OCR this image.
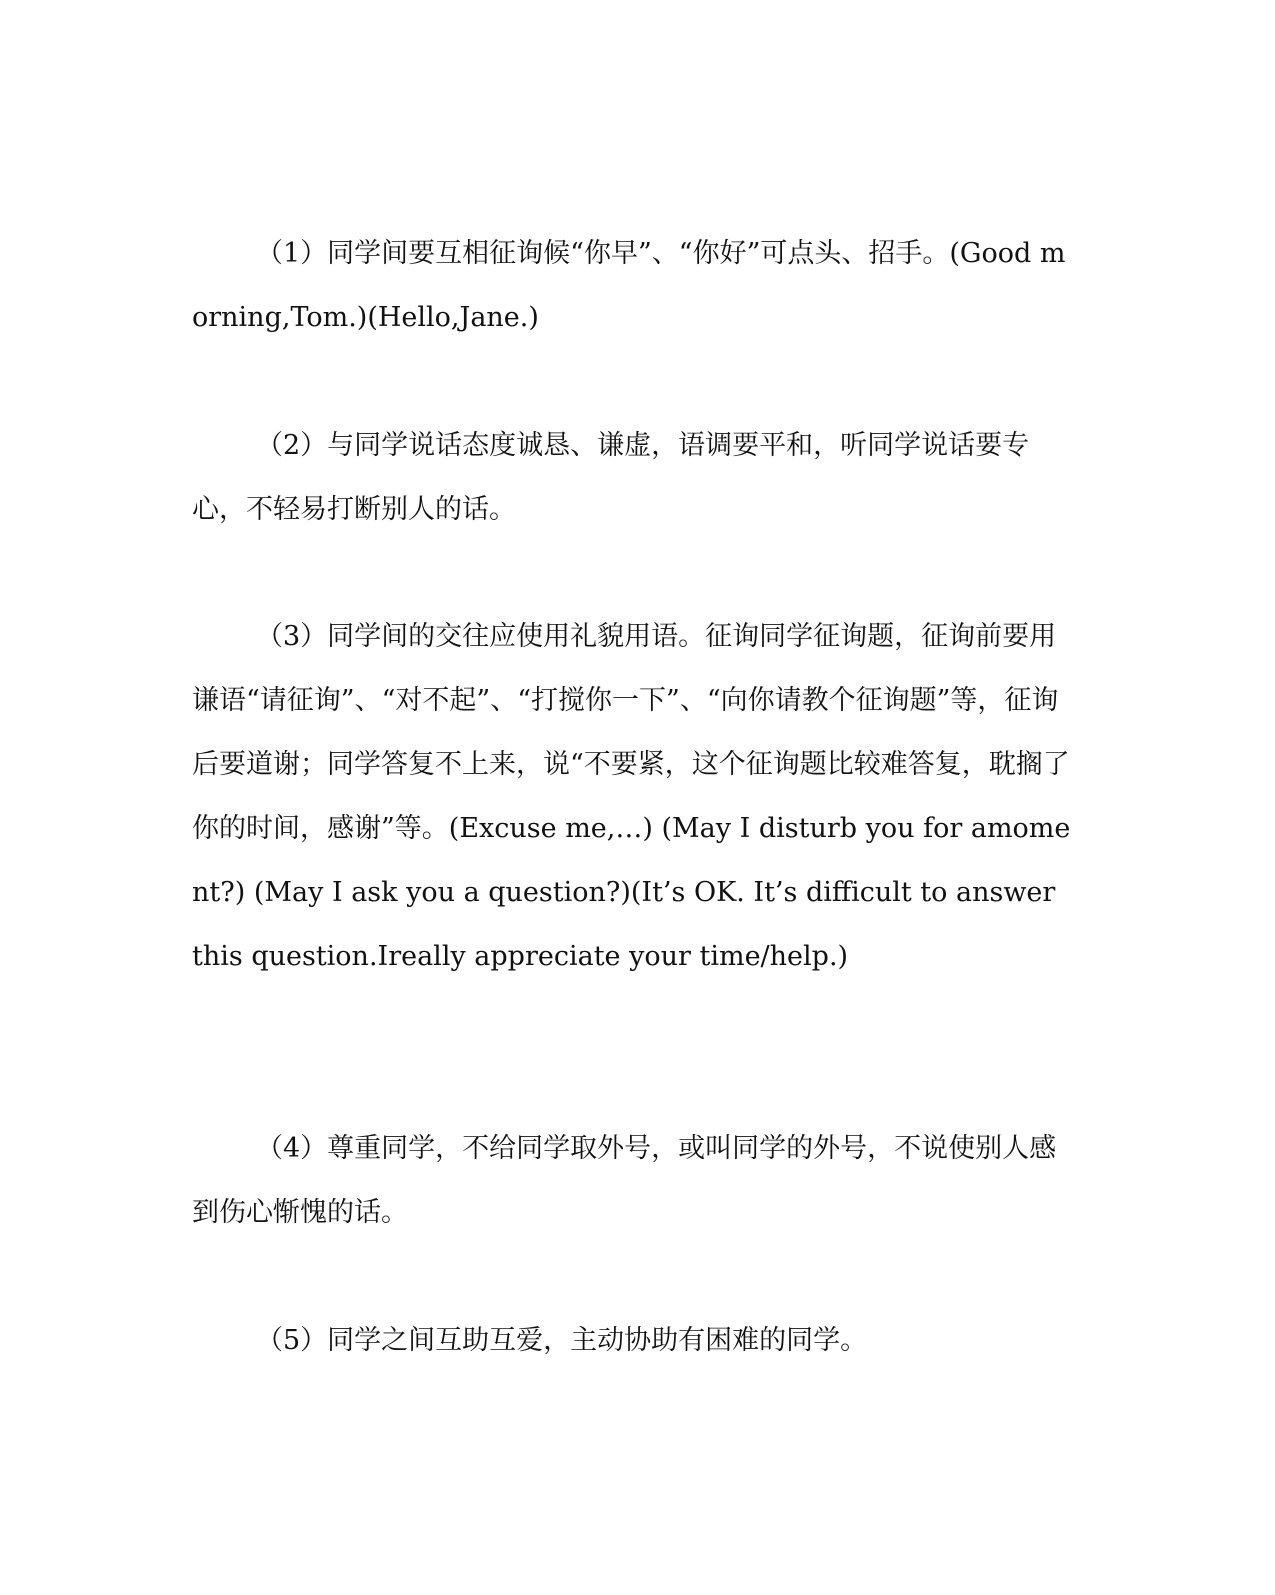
（1）同学间要互相征询候“你早”、“你好”可点头、招手。(Good morning,Tom.)(Hello,Jane.)

（2）与同学说话态度诚恳、谦虚，语调要平和，听同学说话要专心，不轻易打断别人的话。

（3）同学间的交往应使用礼貌用语。征询同学征询题，征询前要用谦语“请征询”、“对不起”、“打搅你一下”、“向你请教个征询题”等，征询后要道谢；同学答复不上来，说“不要紧，这个征询题比较难答复，耽搁了你的时间，感谢”等。(Excuse me,…) (May I disturb you for amoment?) (May I ask you a question?)(It’s OK. It’s difficult to answer this question.Ireally appreciate your time/help.)

（4）尊重同学，不给同学取外号，或叫同学的外号，不说使别人感到伤心惭愧的话。

（5）同学之间互助互爱，主动协助有困难的同学。
